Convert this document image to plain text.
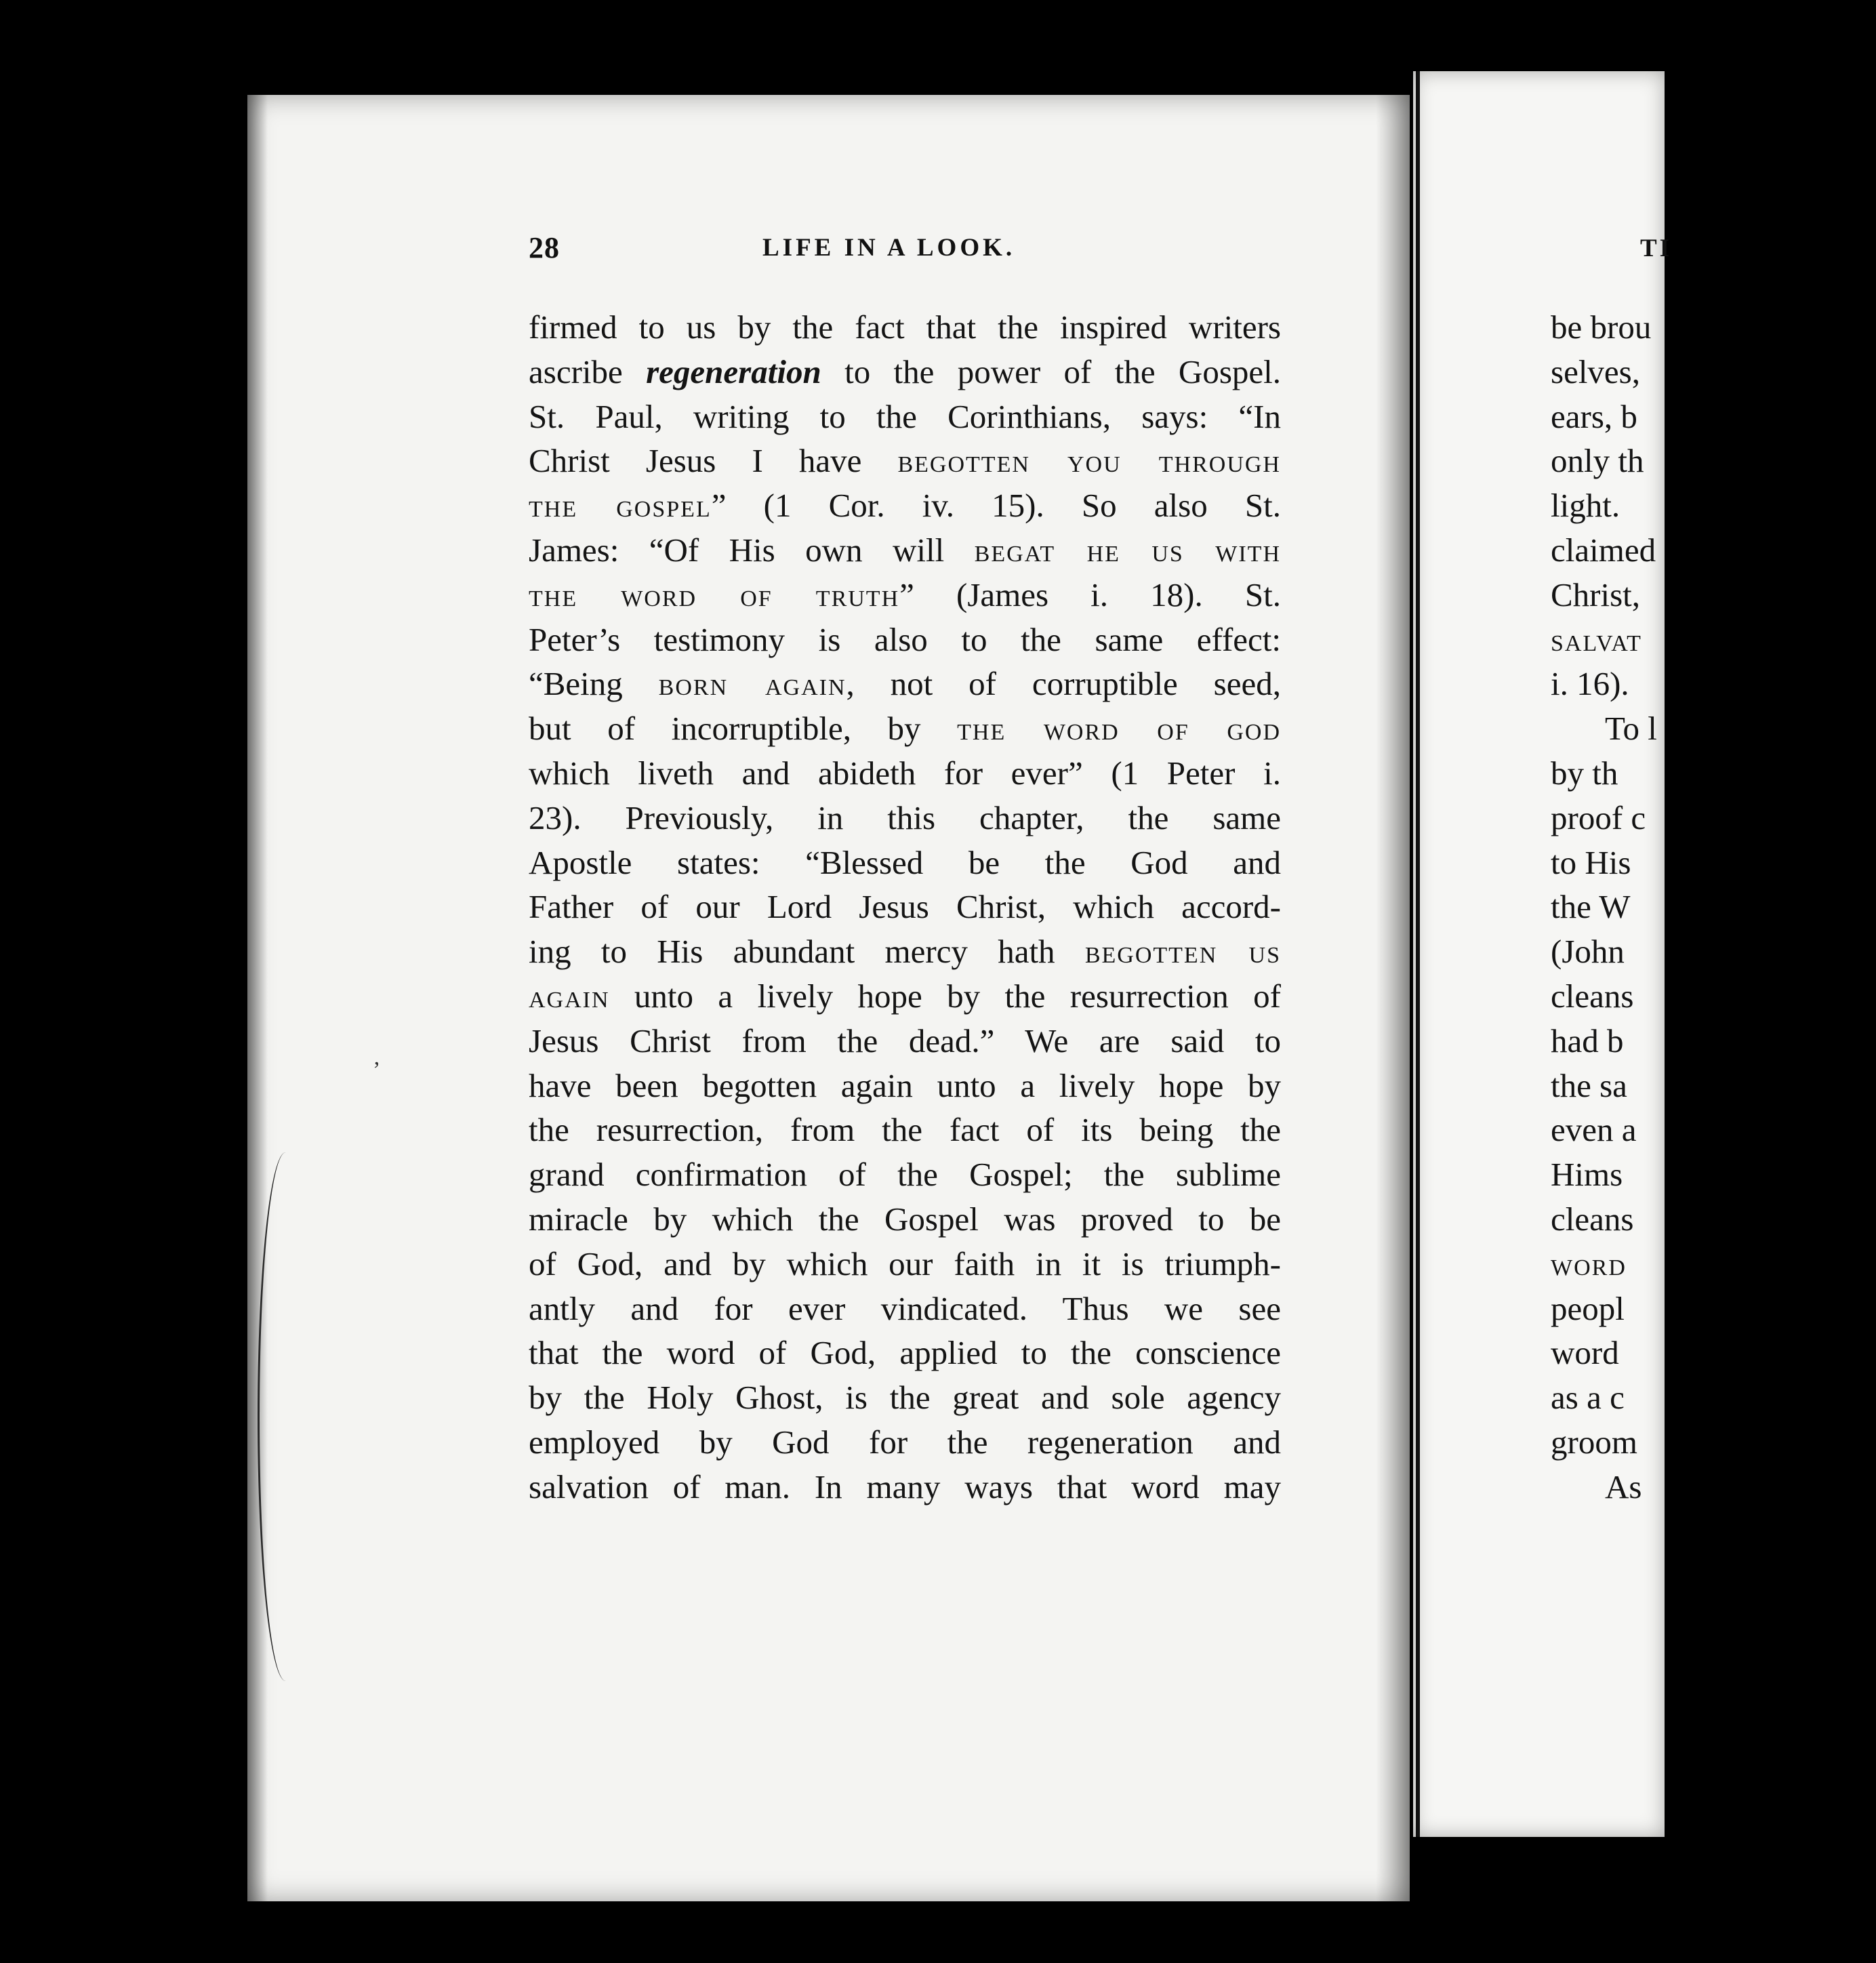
28	LIFE IN A LOOK.
firmed to us by the fact that the inspired writers
ascribe regeneration to the power of the Gospel.
St. Paul, writing to the Corinthians, says: “In
Christ Jesus I have begotten you through
the gospel” (1 Cor. iv. 15). So also St.
James: “Of His own will begat he us with
the word of truth” (James i. 18). St.
Peter’s testimony is also to the same effect:
“Being born again, not of corruptible seed,
but of incorruptible, by the word of god
which liveth and abideth for ever” (1 Peter i.
23). Previously, in this chapter, the same
Apostle states: “Blessed be the God and
Father of our Lord Jesus Christ, which accord-
ing to His abundant mercy hath begotten us
again unto a lively hope by the resurrection of
Jesus Christ from the dead.” We are said to
have been begotten again unto a lively hope by
the resurrection, from the fact of its being the
grand confirmation of the Gospel; the sublime
miracle by which the Gospel was proved to be
of God, and by which our faith in it is triumph-
antly and for ever vindicated. Thus we see
that the word of God, applied to the conscience
by the Holy Ghost, is the great and sole agency
employed by God for the regeneration and
salvation of man. In many ways that word may
TI
be brou
selves,
ears, b
only th
light.
claimed
Christ,
salvat
i. 16).
To l
by th
proof c
to His
the W
(John
cleans
had b
the sa
even a
Hims
cleans
word
peopl
word
as a c
groom
As
’
